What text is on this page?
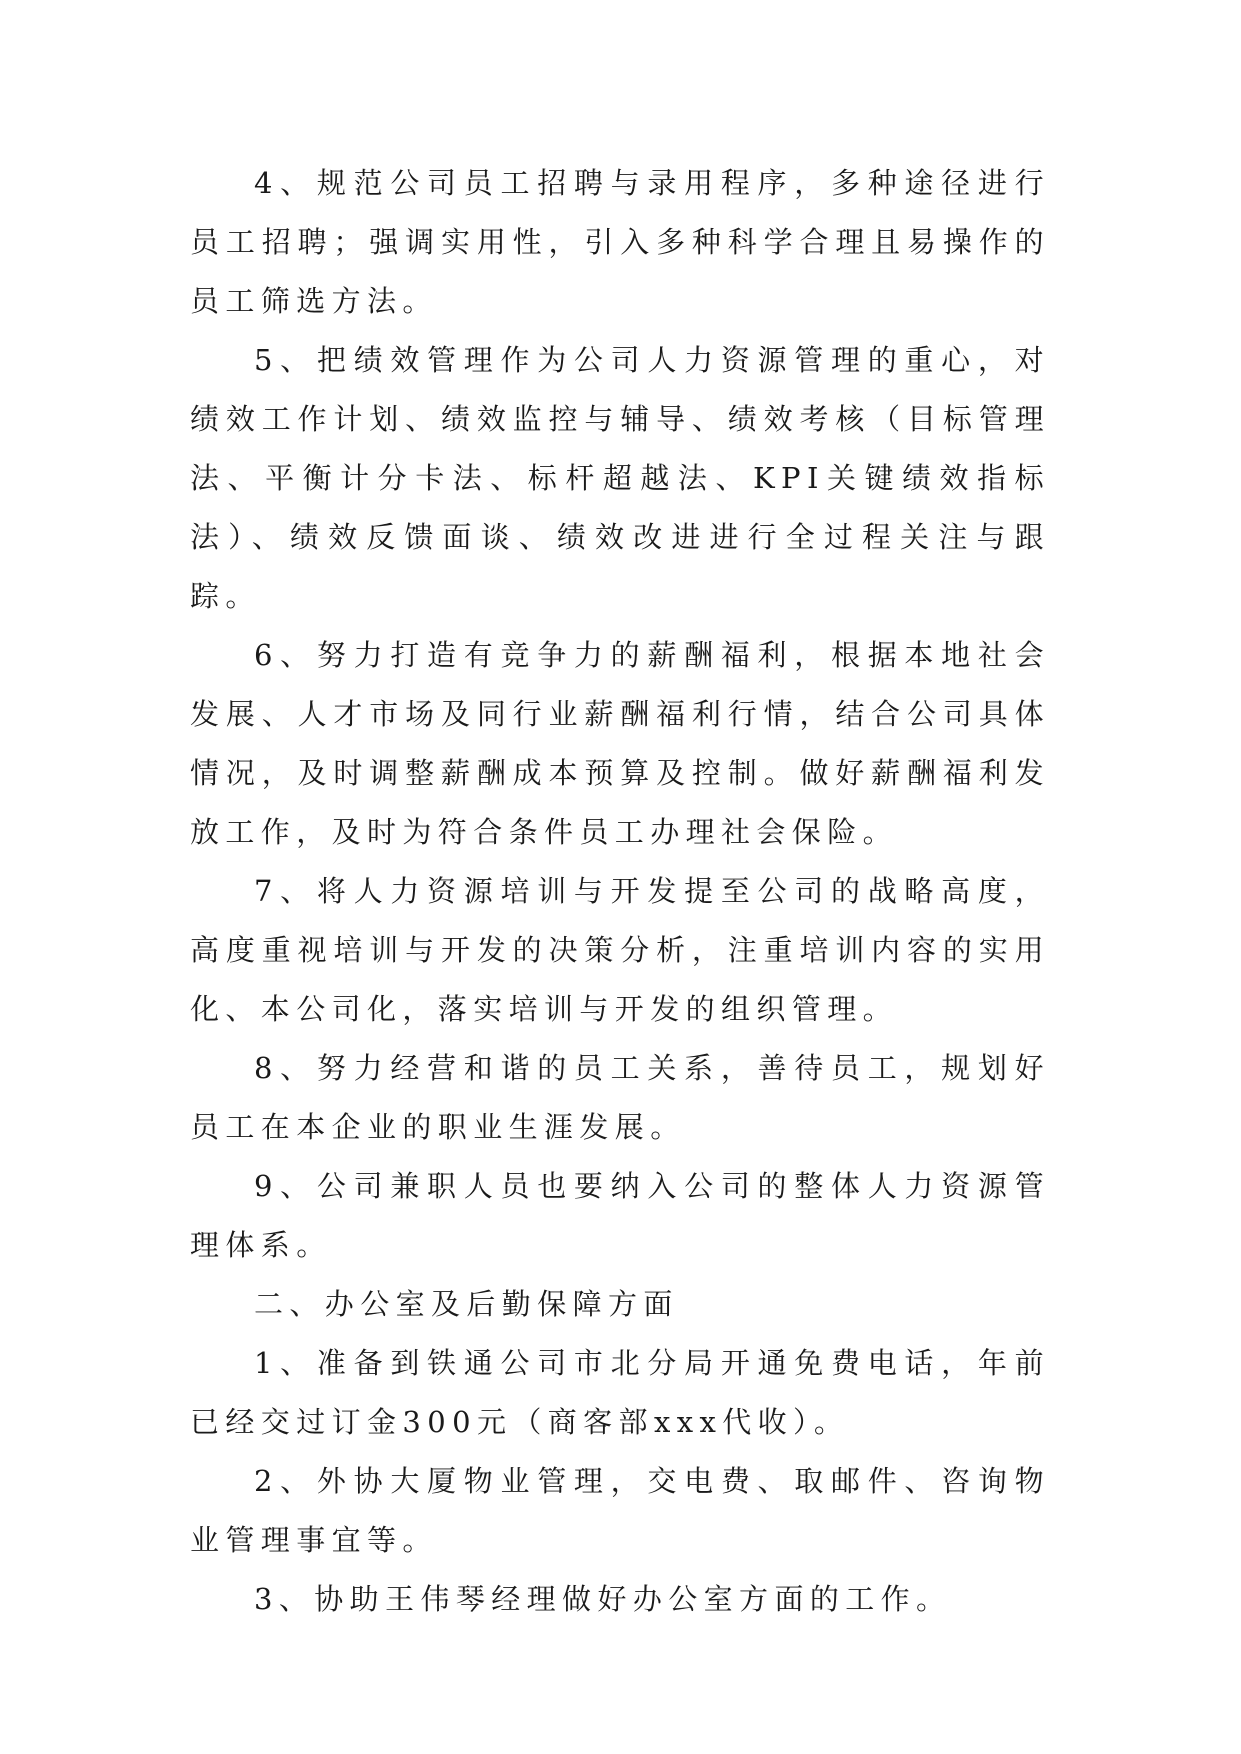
4、规范公司员工招聘与录用程序，多种途径进行员工招聘；强调实用性，引入多种科学合理且易操作的员工筛选方法。

5、把绩效管理作为公司人力资源管理的重心，对绩效工作计划、绩效监控与辅导、绩效考核（目标管理法、平衡计分卡法、标杆超越法、KPI关键绩效指标法）、绩效反馈面谈、绩效改进进行全过程关注与跟踪。

6、努力打造有竞争力的薪酬福利，根据本地社会发展、人才市场及同行业薪酬福利行情，结合公司具体情况，及时调整薪酬成本预算及控制。做好薪酬福利发放工作，及时为符合条件员工办理社会保险。

7、将人力资源培训与开发提至公司的战略高度，高度重视培训与开发的决策分析，注重培训内容的实用化、本公司化，落实培训与开发的组织管理。

8、努力经营和谐的员工关系，善待员工，规划好员工在本企业的职业生涯发展。

9、公司兼职人员也要纳入公司的整体人力资源管理体系。

二、办公室及后勤保障方面

1、准备到铁通公司市北分局开通免费电话，年前已经交过订金300元（商客部xxx代收）。

2、外协大厦物业管理，交电费、取邮件、咨询物业管理事宜等。

3、协助王伟琴经理做好办公室方面的工作。
